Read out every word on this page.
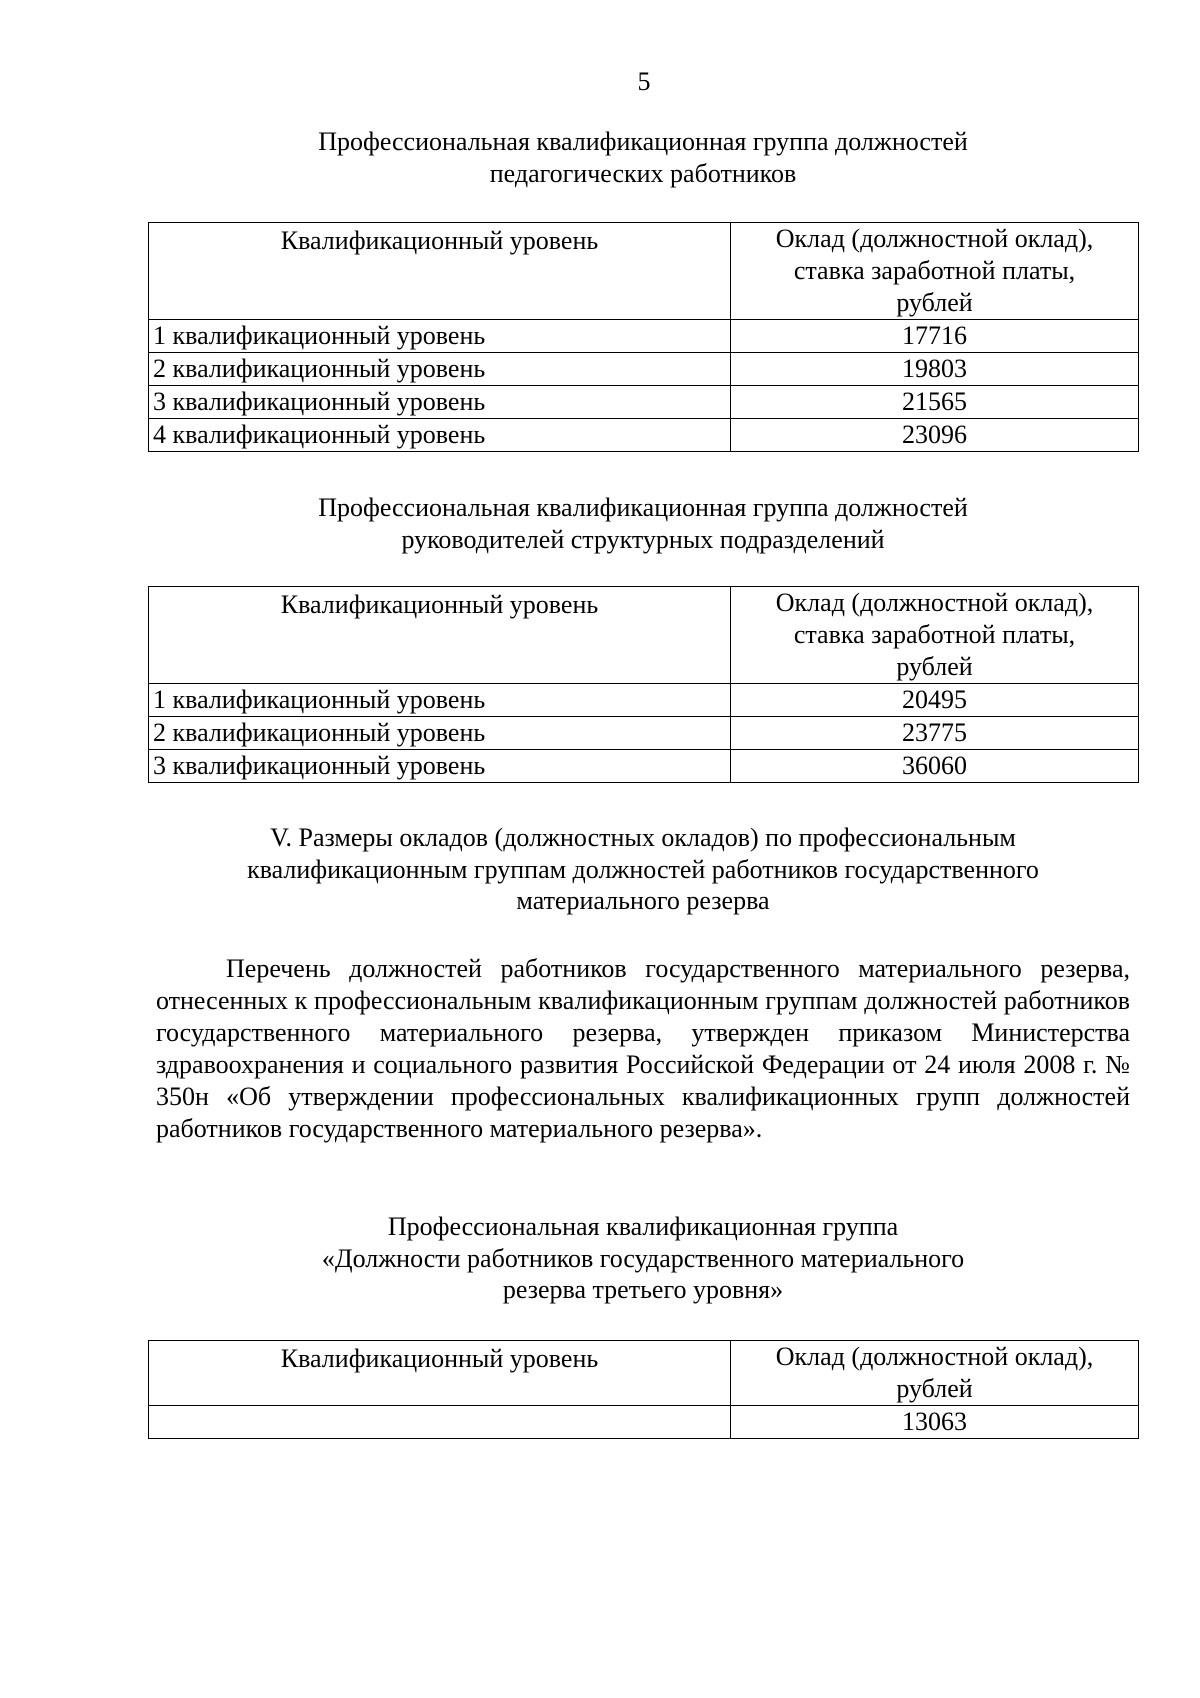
5
Профессиональная квалификационная группа должностей
педагогических работников
Квалификационный уровень	Оклад (должностной оклад),
ставка заработной платы,
рублей

1 квалификационный уровень	17716
2 квалификационный уровень	19803
3 квалификационный уровень	21565
4 квалификационный уровень	23096
Профессиональная квалификационная группа должностей
руководителей структурных подразделений
Квалификационный уровень	Оклад (должностной оклад),
ставка заработной платы,
рублей

1 квалификационный уровень	20495
2 квалификационный уровень	23775
3 квалификационный уровень	36060
V. Размеры окладов (должностных окладов) по профессиональным
квалификационным группам должностей работников государственного
материального резерва
Перечень должностей работников государственного материального резерва, отнесенных к профессиональным квалификационным группам должностей работников государственного материального резерва, утвержден приказом Министерства здравоохранения и социального развития Российской Федерации от 24 июля 2008 г. № 350н «Об утверждении профессиональных квалификационных групп должностей работников государственного материального резерва».
Профессиональная квалификационная группа
«Должности работников государственного материального
резерва третьего уровня»
Квалификационный уровень	Оклад (должностной оклад),
рублей

	13063
